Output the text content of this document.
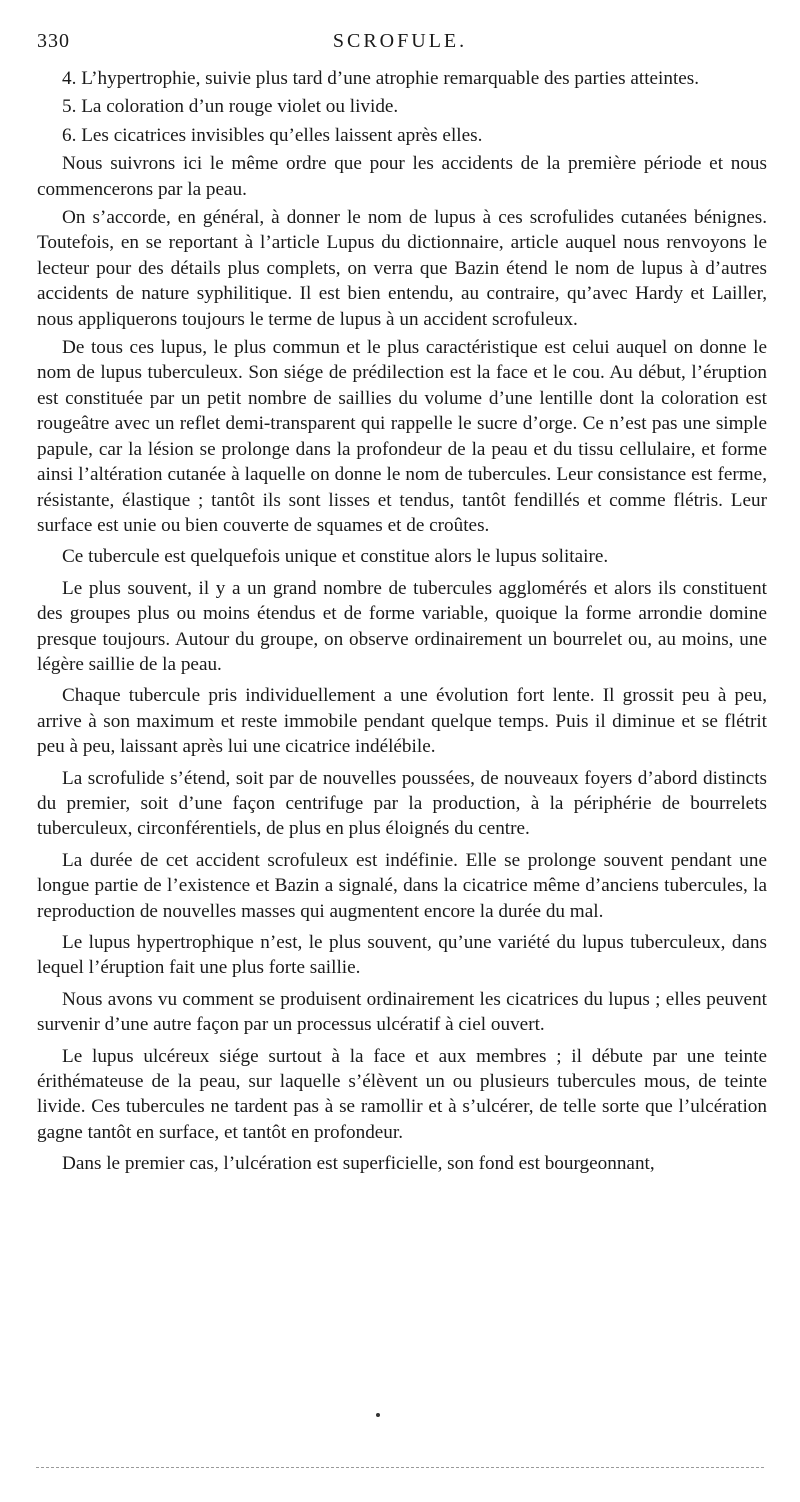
330	SCROFULE.

4. L’hypertrophie, suivie plus tard d’une atrophie remarquable des parties atteintes.

5. La coloration d’un rouge violet ou livide.

6. Les cicatrices invisibles qu’elles laissent après elles.

Nous suivrons ici le même ordre que pour les accidents de la première période et nous commencerons par la peau.

On s’accorde, en général, à donner le nom de lupus à ces scrofulides cutanées bénignes. Toutefois, en se reportant à l’article Lupus du dictionnaire, article auquel nous renvoyons le lecteur pour des détails plus complets, on verra que Bazin étend le nom de lupus à d’autres accidents de nature syphilitique. Il est bien entendu, au contraire, qu’avec Hardy et Lailler, nous appliquerons toujours le terme de lupus à un accident scrofuleux.

De tous ces lupus, le plus commun et le plus caractéristique est celui auquel on donne le nom de lupus tuberculeux. Son siége de prédilection est la face et le cou. Au début, l’éruption est constituée par un petit nombre de saillies du volume d’une lentille dont la coloration est rougeâtre avec un reflet demi-transparent qui rappelle le sucre d’orge. Ce n’est pas une simple papule, car la lésion se prolonge dans la profondeur de la peau et du tissu cellulaire, et forme ainsi l’altération cutanée à laquelle on donne le nom de tubercules. Leur consistance est ferme, résistante, élastique ; tantôt ils sont lisses et tendus, tantôt fendillés et comme flétris. Leur surface est unie ou bien couverte de squames et de croûtes.

Ce tubercule est quelquefois unique et constitue alors le lupus solitaire.

Le plus souvent, il y a un grand nombre de tubercules agglomérés et alors ils constituent des groupes plus ou moins étendus et de forme variable, quoique la forme arrondie domine presque toujours. Autour du groupe, on observe ordinairement un bourrelet ou, au moins, une légère saillie de la peau.

Chaque tubercule pris individuellement a une évolution fort lente. Il grossit peu à peu, arrive à son maximum et reste immobile pendant quelque temps. Puis il diminue et se flétrit peu à peu, laissant après lui une cicatrice indélébile.

La scrofulide s’étend, soit par de nouvelles poussées, de nouveaux foyers d’abord distincts du premier, soit d’une façon centrifuge par la production, à la périphérie de bourrelets tuberculeux, circonférentiels, de plus en plus éloignés du centre.

La durée de cet accident scrofuleux est indéfinie. Elle se prolonge souvent pendant une longue partie de l’existence et Bazin a signalé, dans la cicatrice même d’anciens tubercules, la reproduction de nouvelles masses qui augmentent encore la durée du mal.

Le lupus hypertrophique n’est, le plus souvent, qu’une variété du lupus tuberculeux, dans lequel l’éruption fait une plus forte saillie.

Nous avons vu comment se produisent ordinairement les cicatrices du lupus ; elles peuvent survenir d’une autre façon par un processus ulcératif à ciel ouvert.

Le lupus ulcéreux siége surtout à la face et aux membres ; il débute par une teinte érithémateuse de la peau, sur laquelle s’élèvent un ou plusieurs tubercules mous, de teinte livide. Ces tubercules ne tardent pas à se ramollir et à s’ulcérer, de telle sorte que l’ulcération gagne tantôt en surface, et tantôt en profondeur.

Dans le premier cas, l’ulcération est superficielle, son fond est bourgeonnant,
